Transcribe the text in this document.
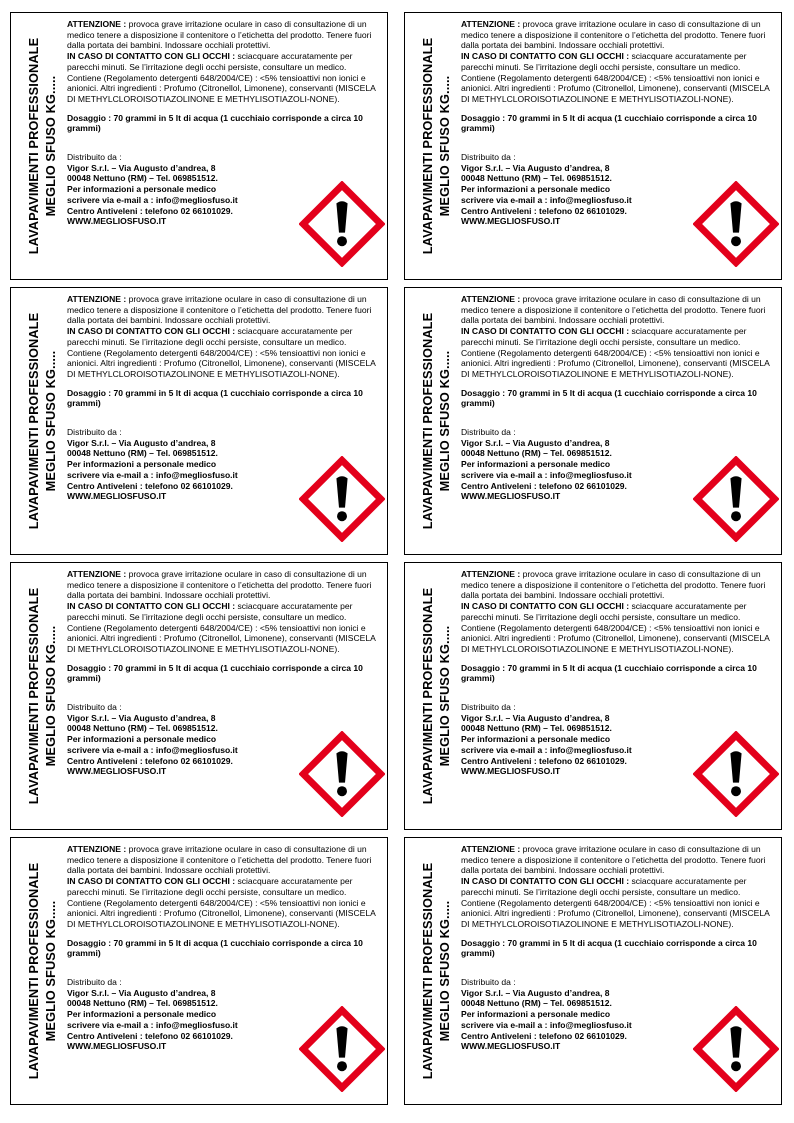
LAVAPAVIMENTI PROFESSIONALE MEGLIO SFUSO KG.....

ATTENZIONE : provoca grave irritazione oculare in caso di consultazione di un medico tenere a disposizione il contenitore o l’etichetta del prodotto. Tenere fuori dalla portata dei bambini. Indossare occhiali protettivi.

IN CASO DI CONTATTO CON GLI OCCHI : sciacquare accuratamente per parecchi minuti. Se l’irritazione degli occhi persiste, consultare un medico.

Contiene (Regolamento detergenti 648/2004/CE) : <5% tensioattivi non ionici e anionici. Altri ingredienti : Profumo (Citronellol, Limonene), conservanti (MISCELA DI METHYLCLOROISOTIAZOLINONE E METHYLISOTIAZOLI-NONE).

Dosaggio : 70 grammi in 5 lt di acqua (1 cucchiaio corrisponde a circa 10 grammi)

Distribuito da :

Vigor S.r.l. – Via Augusto d’andrea, 8

00048 Nettuno (RM) – Tel. 069851512.

Per informazioni a personale medico

scrivere via e-mail a : info@megliosfuso.it

Centro Antiveleni : telefono 02 66101029.

WWW.MEGLIOSFUSO.IT	LAVAPAVIMENTI PROFESSIONALE MEGLIO SFUSO KG.....

ATTENZIONE : provoca grave irritazione oculare in caso di consultazione di un medico tenere a disposizione il contenitore o l’etichetta del prodotto. Tenere fuori dalla portata dei bambini. Indossare occhiali protettivi.

IN CASO DI CONTATTO CON GLI OCCHI : sciacquare accuratamente per parecchi minuti. Se l’irritazione degli occhi persiste, consultare un medico.

Contiene (Regolamento detergenti 648/2004/CE) : <5% tensioattivi non ionici e anionici. Altri ingredienti : Profumo (Citronellol, Limonene), conservanti (MISCELA DI METHYLCLOROISOTIAZOLINONE E METHYLISOTIAZOLI-NONE).

Dosaggio : 70 grammi in 5 lt di acqua (1 cucchiaio corrisponde a circa 10 grammi)

Distribuito da :

Vigor S.r.l. – Via Augusto d’andrea, 8

00048 Nettuno (RM) – Tel. 069851512.

Per informazioni a personale medico

scrivere via e-mail a : info@megliosfuso.it

Centro Antiveleni : telefono 02 66101029.

WWW.MEGLIOSFUSO.IT

LAVAPAVIMENTI PROFESSIONALE MEGLIO SFUSO KG.....

ATTENZIONE : provoca grave irritazione oculare in caso di consultazione di un medico tenere a disposizione il contenitore o l’etichetta del prodotto. Tenere fuori dalla portata dei bambini. Indossare occhiali protettivi.

IN CASO DI CONTATTO CON GLI OCCHI : sciacquare accuratamente per parecchi minuti. Se l’irritazione degli occhi persiste, consultare un medico.

Contiene (Regolamento detergenti 648/2004/CE) : <5% tensioattivi non ionici e anionici. Altri ingredienti : Profumo (Citronellol, Limonene), conservanti (MISCELA DI METHYLCLOROISOTIAZOLINONE E METHYLISOTIAZOLI-NONE).

Dosaggio : 70 grammi in 5 lt di acqua (1 cucchiaio corrisponde a circa 10 grammi)

Distribuito da :

Vigor S.r.l. – Via Augusto d’andrea, 8

00048 Nettuno (RM) – Tel. 069851512.

Per informazioni a personale medico

scrivere via e-mail a : info@megliosfuso.it

Centro Antiveleni : telefono 02 66101029.

WWW.MEGLIOSFUSO.IT	LAVAPAVIMENTI PROFESSIONALE MEGLIO SFUSO KG.....

ATTENZIONE : provoca grave irritazione oculare in caso di consultazione di un medico tenere a disposizione il contenitore o l’etichetta del prodotto. Tenere fuori dalla portata dei bambini. Indossare occhiali protettivi.

IN CASO DI CONTATTO CON GLI OCCHI : sciacquare accuratamente per parecchi minuti. Se l’irritazione degli occhi persiste, consultare un medico.

Contiene (Regolamento detergenti 648/2004/CE) : <5% tensioattivi non ionici e anionici. Altri ingredienti : Profumo (Citronellol, Limonene), conservanti (MISCELA DI METHYLCLOROISOTIAZOLINONE E METHYLISOTIAZOLI-NONE).

Dosaggio : 70 grammi in 5 lt di acqua (1 cucchiaio corrisponde a circa 10 grammi)

Distribuito da :

Vigor S.r.l. – Via Augusto d’andrea, 8

00048 Nettuno (RM) – Tel. 069851512.

Per informazioni a personale medico

scrivere via e-mail a : info@megliosfuso.it

Centro Antiveleni : telefono 02 66101029.

WWW.MEGLIOSFUSO.IT

LAVAPAVIMENTI PROFESSIONALE MEGLIO SFUSO KG.....

ATTENZIONE : provoca grave irritazione oculare in caso di consultazione di un medico tenere a disposizione il contenitore o l’etichetta del prodotto. Tenere fuori dalla portata dei bambini. Indossare occhiali protettivi.

IN CASO DI CONTATTO CON GLI OCCHI : sciacquare accuratamente per parecchi minuti. Se l’irritazione degli occhi persiste, consultare un medico.

Contiene (Regolamento detergenti 648/2004/CE) : <5% tensioattivi non ionici e anionici. Altri ingredienti : Profumo (Citronellol, Limonene), conservanti (MISCELA DI METHYLCLOROISOTIAZOLINONE E METHYLISOTIAZOLI-NONE).

Dosaggio : 70 grammi in 5 lt di acqua (1 cucchiaio corrisponde a circa 10 grammi)

Distribuito da :

Vigor S.r.l. – Via Augusto d’andrea, 8

00048 Nettuno (RM) – Tel. 069851512.

Per informazioni a personale medico

scrivere via e-mail a : info@megliosfuso.it

Centro Antiveleni : telefono 02 66101029.

WWW.MEGLIOSFUSO.IT	LAVAPAVIMENTI PROFESSIONALE MEGLIO SFUSO KG.....

ATTENZIONE : provoca grave irritazione oculare in caso di consultazione di un medico tenere a disposizione il contenitore o l’etichetta del prodotto. Tenere fuori dalla portata dei bambini. Indossare occhiali protettivi.

IN CASO DI CONTATTO CON GLI OCCHI : sciacquare accuratamente per parecchi minuti. Se l’irritazione degli occhi persiste, consultare un medico.

Contiene (Regolamento detergenti 648/2004/CE) : <5% tensioattivi non ionici e anionici. Altri ingredienti : Profumo (Citronellol, Limonene), conservanti (MISCELA DI METHYLCLOROISOTIAZOLINONE E METHYLISOTIAZOLI-NONE).

Dosaggio : 70 grammi in 5 lt di acqua (1 cucchiaio corrisponde a circa 10 grammi)

Distribuito da :

Vigor S.r.l. – Via Augusto d’andrea, 8

00048 Nettuno (RM) – Tel. 069851512.

Per informazioni a personale medico

scrivere via e-mail a : info@megliosfuso.it

Centro Antiveleni : telefono 02 66101029.

WWW.MEGLIOSFUSO.IT

LAVAPAVIMENTI PROFESSIONALE MEGLIO SFUSO KG.....

ATTENZIONE : provoca grave irritazione oculare in caso di consultazione di un medico tenere a disposizione il contenitore o l’etichetta del prodotto. Tenere fuori dalla portata dei bambini. Indossare occhiali protettivi.

IN CASO DI CONTATTO CON GLI OCCHI : sciacquare accuratamente per parecchi minuti. Se l’irritazione degli occhi persiste, consultare un medico.

Contiene (Regolamento detergenti 648/2004/CE) : <5% tensioattivi non ionici e anionici. Altri ingredienti : Profumo (Citronellol, Limonene), conservanti (MISCELA DI METHYLCLOROISOTIAZOLINONE E METHYLISOTIAZOLI-NONE).

Dosaggio : 70 grammi in 5 lt di acqua (1 cucchiaio corrisponde a circa 10 grammi)

Distribuito da :

Vigor S.r.l. – Via Augusto d’andrea, 8

00048 Nettuno (RM) – Tel. 069851512.

Per informazioni a personale medico

scrivere via e-mail a : info@megliosfuso.it

Centro Antiveleni : telefono 02 66101029.

WWW.MEGLIOSFUSO.IT	LAVAPAVIMENTI PROFESSIONALE MEGLIO SFUSO KG.....

ATTENZIONE : provoca grave irritazione oculare in caso di consultazione di un medico tenere a disposizione il contenitore o l’etichetta del prodotto. Tenere fuori dalla portata dei bambini. Indossare occhiali protettivi.

IN CASO DI CONTATTO CON GLI OCCHI : sciacquare accuratamente per parecchi minuti. Se l’irritazione degli occhi persiste, consultare un medico.

Contiene (Regolamento detergenti 648/2004/CE) : <5% tensioattivi non ionici e anionici. Altri ingredienti : Profumo (Citronellol, Limonene), conservanti (MISCELA DI METHYLCLOROISOTIAZOLINONE E METHYLISOTIAZOLI-NONE).

Dosaggio : 70 grammi in 5 lt di acqua (1 cucchiaio corrisponde a circa 10 grammi)

Distribuito da :

Vigor S.r.l. – Via Augusto d’andrea, 8

00048 Nettuno (RM) – Tel. 069851512.

Per informazioni a personale medico

scrivere via e-mail a : info@megliosfuso.it

Centro Antiveleni : telefono 02 66101029.

WWW.MEGLIOSFUSO.IT
